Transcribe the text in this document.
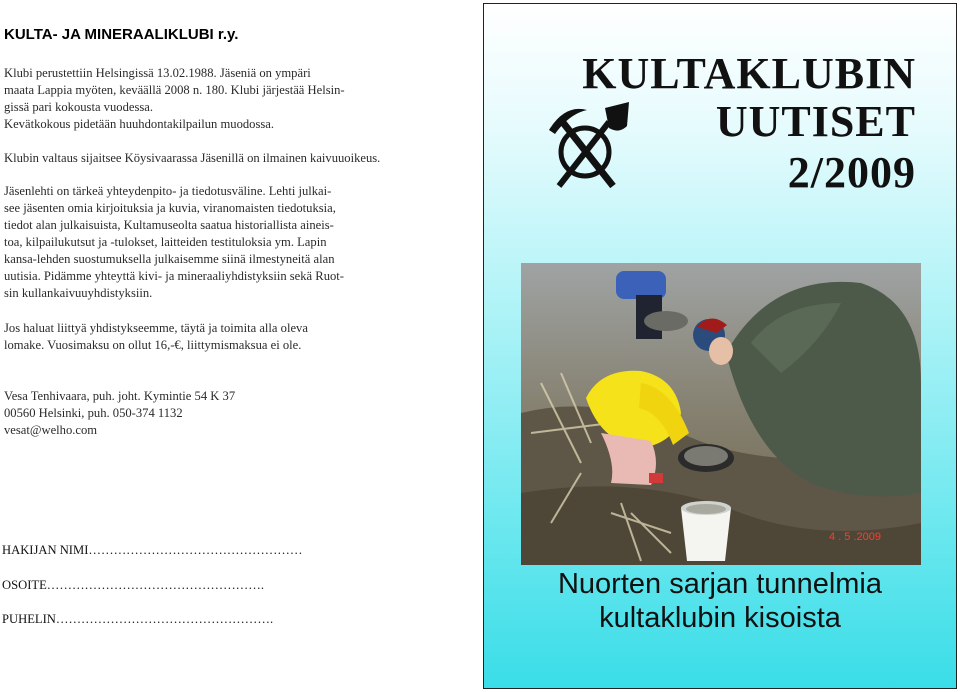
KULTA- JA MINERAALIKLUBI r.y.
Klubi perustettiin Helsingissä 13.02.1988. Jäseniä on ympäri
maata Lappia myöten, keväällä 2008 n. 180. Klubi järjestää Helsin-
gissä pari kokousta vuodessa.
Kevätkokous pidetään huuhdontakilpailun muodossa.
Klubin valtaus sijaitsee Köysivaarassa Jäsenillä on ilmainen kaivuuoikeus.
Jäsenlehti on tärkeä yhteydenpito- ja tiedotusväline. Lehti julkai-
see jäsenten omia kirjoituksia ja kuvia, viranomaisten tiedotuksia,
tiedot alan julkaisuista, Kultamuseolta saatua historiallista aineis-
toa, kilpailukutsut ja -tulokset, laitteiden testituloksia ym. Lapin
kansa-lehden suostumuksella julkaisemme siinä ilmestyneitä alan
uutisia. Pidämme yhteyttä kivi- ja mineraaliyhdistyksiin sekä Ruot-
sin kullankaivuuyhdistyksiin.
Jos haluat liittyä yhdistykseemme, täytä ja toimita alla oleva
lomake. Vuosimaksu on ollut 16,-€, liittymismaksua ei ole.
Vesa Tenhivaara, puh. joht. Kymintie 54 K 37
00560 Helsinki, puh. 050-374 1132
vesat@welho.com
HAKIJAN NIMI……………………………………………
OSOITE…………………………………………….
PUHELIN…………………………………………….
KULTAKLUBIN
UUTISET
2/2009
4 . 5 .2009
Nuorten sarjan tunnelmia
kultaklubin kisoista
